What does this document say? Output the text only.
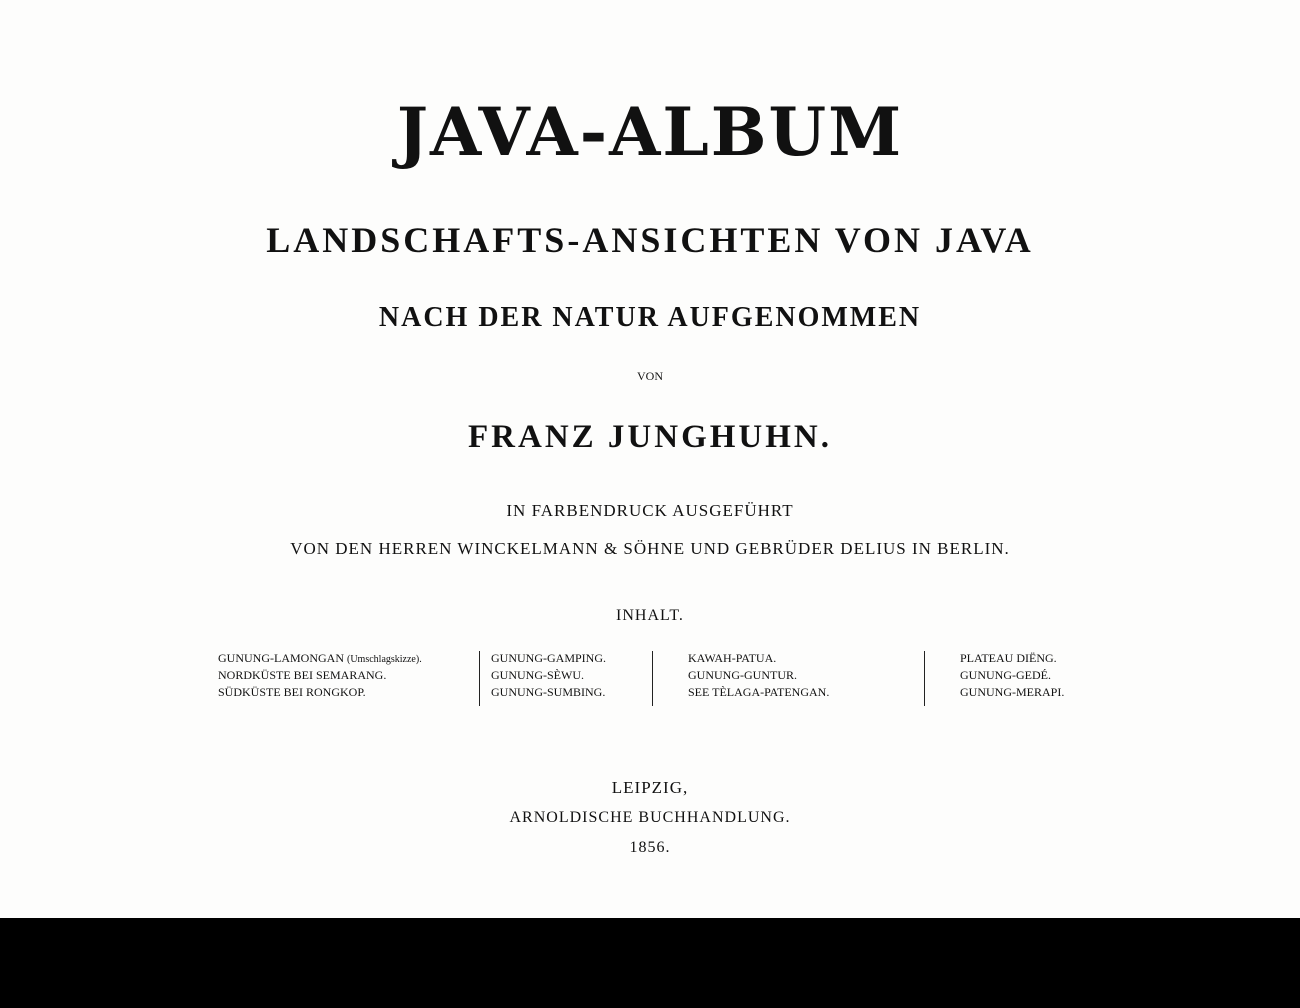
JAVA-ALBUM
LANDSCHAFTS-ANSICHTEN VON JAVA
NACH DER NATUR AUFGENOMMEN
VON
FRANZ JUNGHUHN.
IN FARBENDRUCK AUSGEFÜHRT
VON DEN HERREN WINCKELMANN & SÖHNE UND GEBRÜDER DELIUS IN BERLIN.
INHALT.
GUNUNG-LAMONGAN (Umschlagskizze).
NORDKÜSTE BEI SEMARANG.
SÜDKÜSTE BEI RONGKOP.
GUNUNG-GAMPING.
GUNUNG-SÈWU.
GUNUNG-SUMBING.
KAWAH-PATUA.
GUNUNG-GUNTUR.
SEE TÈLAGA-PATENGAN.
PLATEAU DIËNG.
GUNUNG-GEDÉ.
GUNUNG-MERAPI.
LEIPZIG,
ARNOLDISCHE BUCHHANDLUNG.
1856.
